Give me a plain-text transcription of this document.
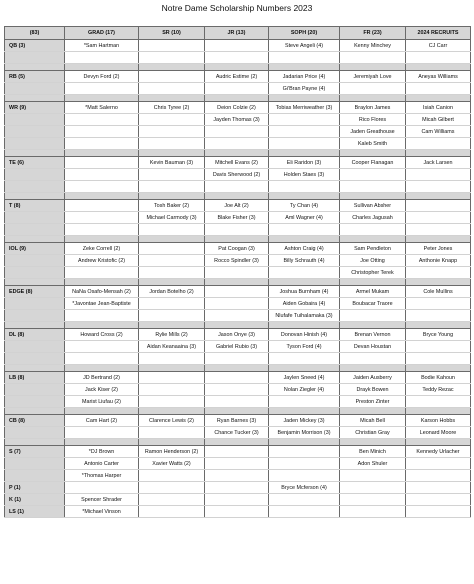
Notre Dame Scholarship Numbers 2023
(83)	GRAD (17)	SR (10)	JR (13)	SOPH (20)	FR (23)	2024 RECRUITS
QB (3)	*Sam Hartman			Steve Angeli (4)	Kenny Minchey	CJ Carr

RB (5)	Devyn Ford (2)		Audric Estime (2)	Jadarian Price (4)	Jeremiyah Love	Aneyas Williams
				Gi'Bran Payne (4)		

WR (9)	*Matt Salerno	Chris Tyree (2)	Deion Colzie (2)	Tobias Merriweather (3)	Braylon James	Isiah Canion
			Jayden Thomas (3)		Rico Flores	Micah Gilbert
					Jaden Greathouse	Cam Williams
					Kaleb Smith	

TE (6)		Kevin Bauman (3)	Mitchell Evans (2)	Eli Raridon (3)	Cooper Flanagan	Jack Larsen
			Davis Sherwood (2)	Holden Staes (3)		

T (8)		Tosh Baker (2)	Joe Alt (2)	Ty Chan (4)	Sullivan Absher	
		Michael Carmody (3)	Blake Fisher (3)	Aml Wagner (4)	Charles Jagusah	

IOL (9)	Zeke Correll (2)		Pat Coogan (3)	Ashton Craig (4)	Sam Pendleton	Peter Jones
	Andrew Kristofic (2)		Rocco Spindler (3)	Billy Schrauth (4)	Joe Otting	Anthonie Knapp
					Christopher Terek	

EDGE (8)	NaNa Osafo-Mensah (2)	Jordan Botelho (2)		Joshua Burnham (4)	Armel Mukam	Cole Mullins
	*Javontae Jean-Baptiste			Aiden Gobaira (4)	Boubacar Traore	
				Nlufafe Tuihalamaka (3)		

DL (8)	Howard Cross (2)	Rylie Mills (2)	Jason Onye (3)	Donovan Hinish (4)	Brenan Vernon	Bryce Young
		Aidan Keanaaina (3)	Gabriel Rubio (3)	Tyson Ford (4)	Devan Houstan	

LB (8)	JD Bertrand (2)			Jaylen Sneed (4)	Jaiden Ausberry	Bodie Kahoun
	Jack Kiser (2)			Nolan Ziegler (4)	Drayk Bowen	Teddy Rezac
	Marist Liufau (2)				Preston Zinter	

CB (8)	Cam Hart (2)	Clarence Lewis (2)	Ryan Barnes (3)	Jaden Mickey (3)	Micah Bell	Karson Hobbs
			Chance Tucker (3)	Benjamin Morrison (3)	Christian Gray	Leonard Moore

S (7)	*DJ Brown	Ramon Henderson (2)			Ben Minich	Kennedy Urlacher
	Antonio Carter	Xavier Watts (2)			Adon Shuler	
	*Thomas Harper					
P (1)				Bryce Mcferson (4)		
K (1)	Spencer Shrader					
LS (1)	*Michael Vinson					
